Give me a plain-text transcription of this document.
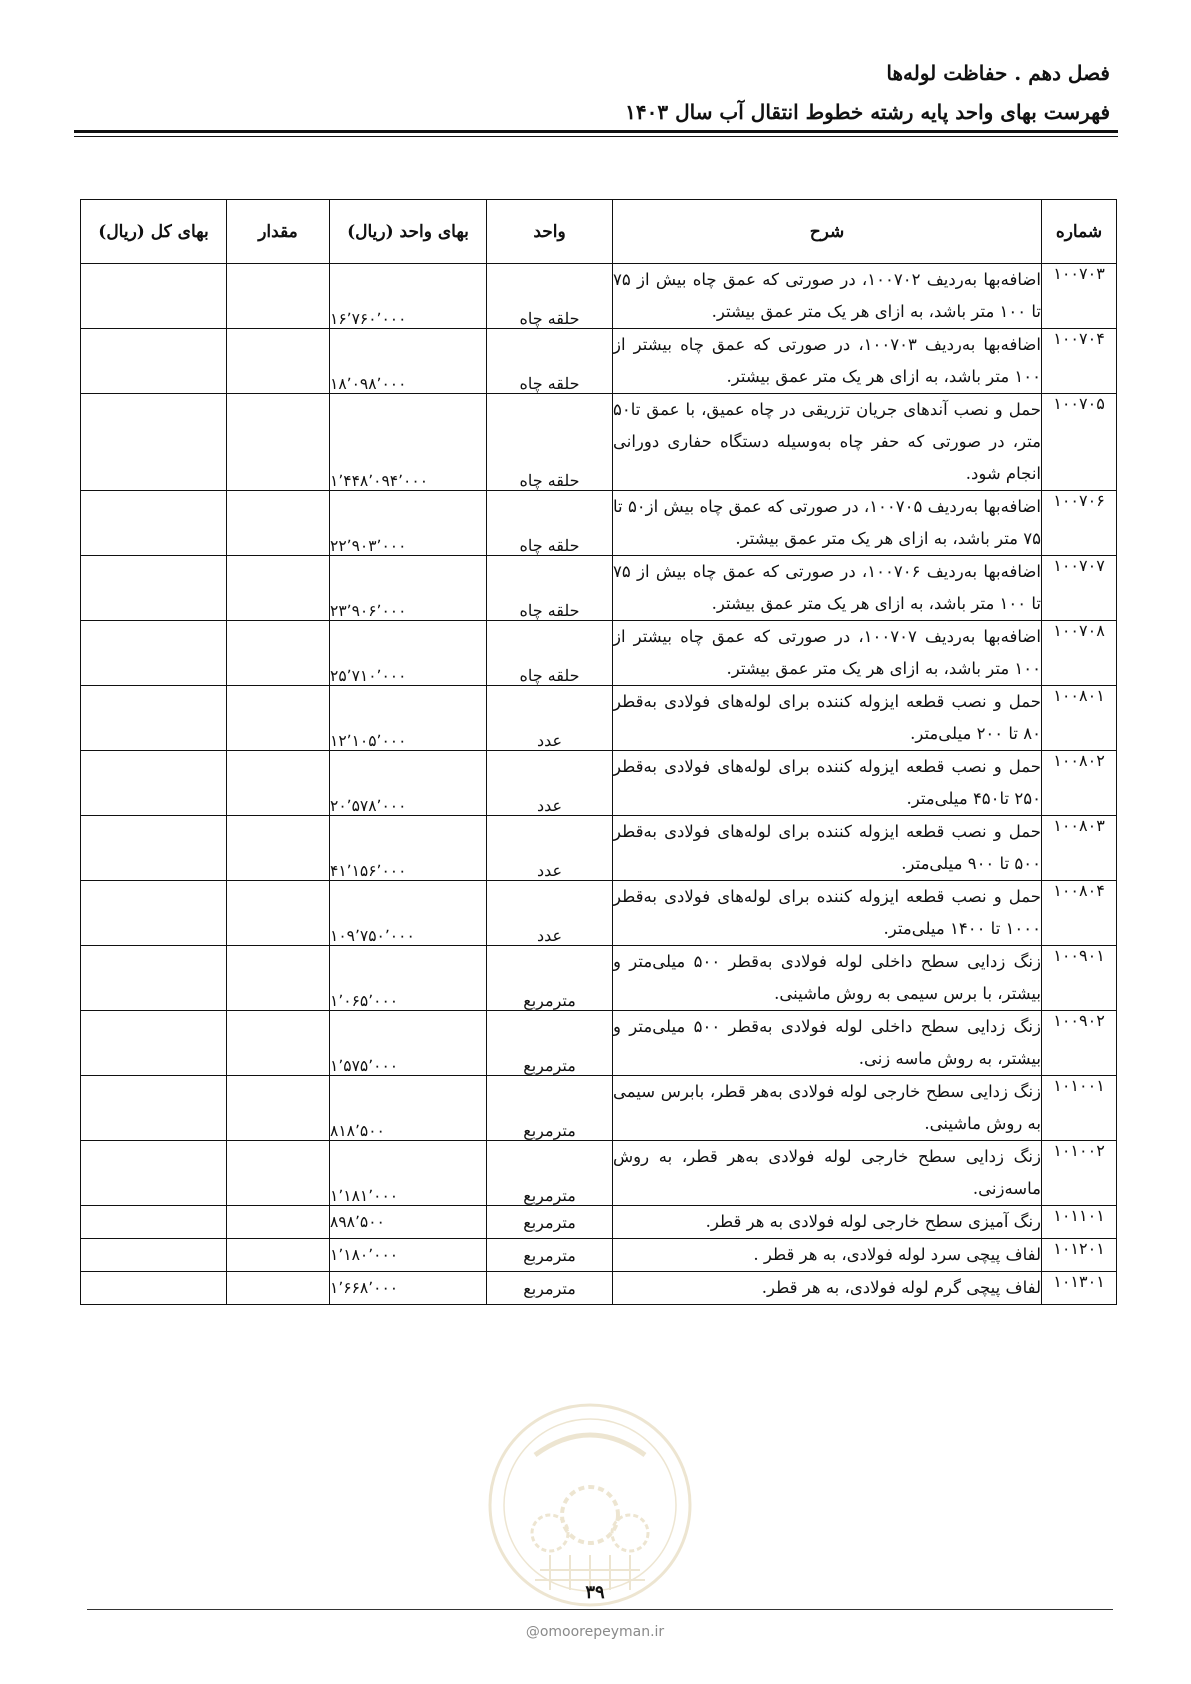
فصل دهم . حفاظت لوله‌ها
فهرست بهای واحد پایه رشته خطوط انتقال آب سال ۱۴۰۳
شماره	شرح	واحد	بهای واحد (ریال)	مقدار	بهای کل (ریال)
۱۰۰۷۰۳	اضافه‌بها به‌ردیف ۱۰۰۷۰۲، در صورتی که عمق چاه بیش از ۷۵ تا ۱۰۰ متر باشد، به ازای هر یک متر عمق بیشتر.	حلقه چاه	۱۶٬۷۶۰٬۰۰۰		
۱۰۰۷۰۴	اضافه‌بها به‌ردیف ۱۰۰۷۰۳، در صورتی که عمق چاه بیشتر از ۱۰۰ متر باشد، به ازای هر یک متر عمق بیشتر.	حلقه چاه	۱۸٬۰۹۸٬۰۰۰		
۱۰۰۷۰۵	حمل و نصب آندهای جریان تزریقی در چاه عمیق، با عمق تا۵۰ متر، در صورتی که حفر چاه به‌وسیله دستگاه حفاری دورانی انجام شود.	حلقه چاه	۱٬۴۴۸٬۰۹۴٬۰۰۰		
۱۰۰۷۰۶	اضافه‌بها به‌ردیف ۱۰۰۷۰۵، در صورتی که عمق چاه بیش از۵۰ تا ۷۵ متر باشد، به ازای هر یک متر عمق بیشتر.	حلقه چاه	۲۲٬۹۰۳٬۰۰۰		
۱۰۰۷۰۷	اضافه‌بها به‌ردیف ۱۰۰۷۰۶، در صورتی که عمق چاه بیش از ۷۵ تا ۱۰۰ متر باشد، به ازای هر یک متر عمق بیشتر.	حلقه چاه	۲۳٬۹۰۶٬۰۰۰		
۱۰۰۷۰۸	اضافه‌بها به‌ردیف ۱۰۰۷۰۷، در صورتی که عمق چاه بیشتر از ۱۰۰ متر باشد، به ازای هر یک متر عمق بیشتر.	حلقه چاه	۲۵٬۷۱۰٬۰۰۰		
۱۰۰۸۰۱	حمل و نصب قطعه ایزوله کننده برای لوله‌های فولادی به‌قطر ۸۰ تا ۲۰۰ میلی‌متر.	عدد	۱۲٬۱۰۵٬۰۰۰		
۱۰۰۸۰۲	حمل و نصب قطعه ایزوله کننده برای لوله‌های فولادی به‌قطر ۲۵۰ تا۴۵۰ میلی‌متر.	عدد	۲۰٬۵۷۸٬۰۰۰		
۱۰۰۸۰۳	حمل و نصب قطعه ایزوله کننده برای لوله‌های فولادی به‌قطر ۵۰۰ تا ۹۰۰ میلی‌متر.	عدد	۴۱٬۱۵۶٬۰۰۰		
۱۰۰۸۰۴	حمل و نصب قطعه ایزوله کننده برای لوله‌های فولادی به‌قطر ۱۰۰۰ تا ۱۴۰۰ میلی‌متر.	عدد	۱۰۹٬۷۵۰٬۰۰۰		
۱۰۰۹۰۱	زنگ زدایی سطح داخلی لوله فولادی به‌قطر ۵۰۰ میلی‌متر و بیشتر، با برس سیمی به روش ماشینی.	مترمربع	۱٬۰۶۵٬۰۰۰		
۱۰۰۹۰۲	زنگ زدایی سطح داخلی لوله فولادی به‌قطر ۵۰۰ میلی‌متر و بیشتر، به روش ماسه زنی.	مترمربع	۱٬۵۷۵٬۰۰۰		
۱۰۱۰۰۱	زنگ زدایی سطح خارجی لوله فولادی به‌هر قطر، بابرس سیمی به روش ماشینی.	مترمربع	۸۱۸٬۵۰۰		
۱۰۱۰۰۲	زنگ زدایی سطح خارجی لوله فولادی به‌هر قطر، به روش ماسه‌زنی.	مترمربع	۱٬۱۸۱٬۰۰۰		
۱۰۱۱۰۱	رنگ آمیزی سطح خارجی لوله فولادی به هر قطر.	مترمربع	۸۹۸٬۵۰۰		
۱۰۱۲۰۱	لفاف پیچی سرد لوله فولادی، به هر قطر .	مترمربع	۱٬۱۸۰٬۰۰۰		
۱۰۱۳۰۱	لفاف پیچی گرم لوله فولادی، به هر قطر.	مترمربع	۱٬۶۶۸٬۰۰۰		
۳۹
@omoorepeyman.ir
